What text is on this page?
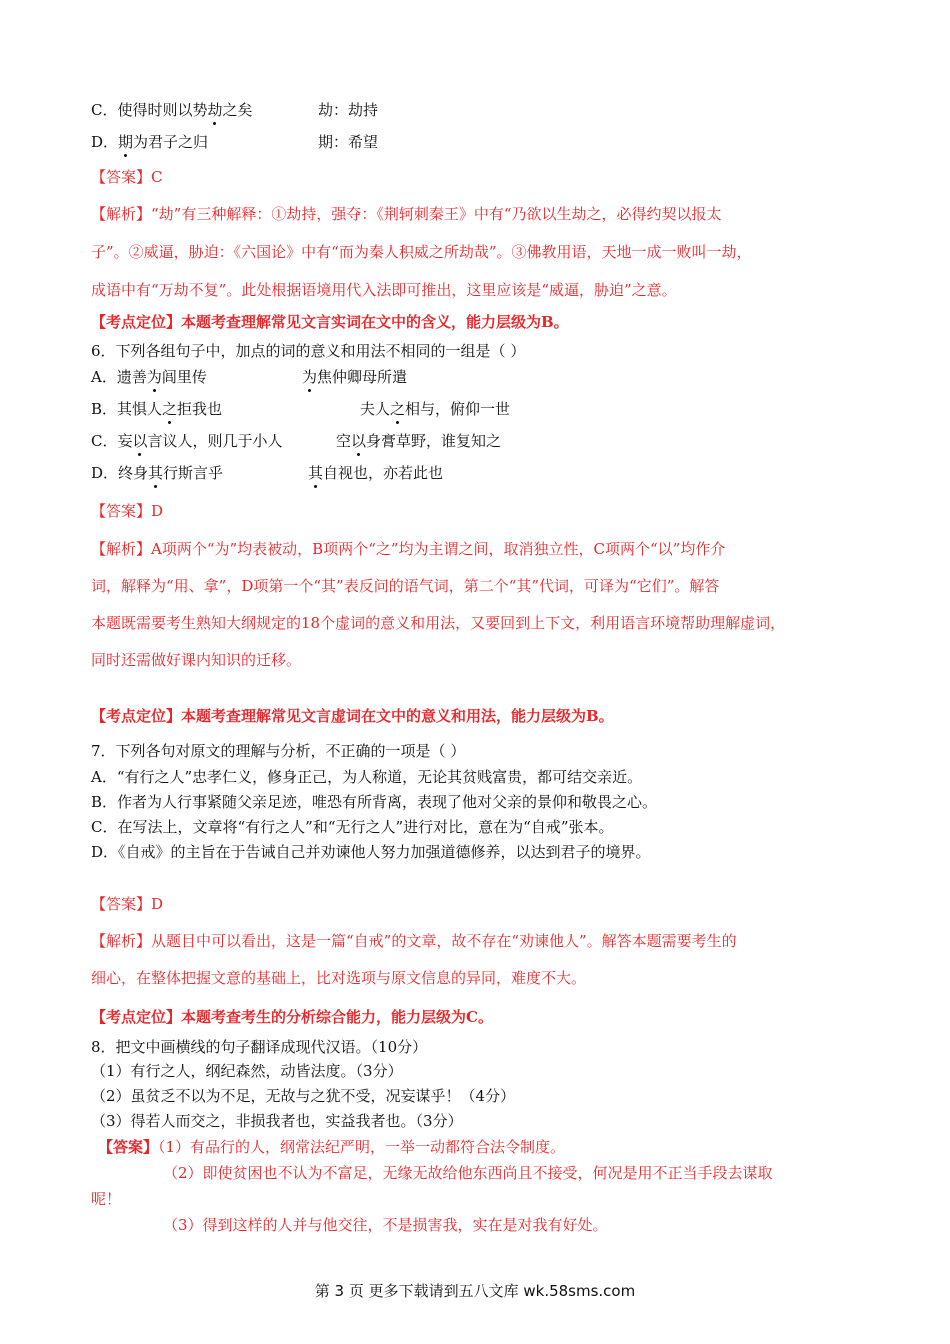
C．使得时则以势劫之矣	劫：劫持
D．期为君子之归	期：希望
【答案】C
【解析】“劫”有三种解释：①劫持，强夺：《荆轲刺秦王》中有“乃欲以生劫之，必得约契以报太
子”。②威逼，胁迫：《六国论》中有“而为秦人积威之所劫哉”。③佛教用语，天地一成一败叫一劫，
成语中有“万劫不复”。此处根据语境用代入法即可推出，这里应该是“威逼，胁迫”之意。
【考点定位】本题考查理解常见文言实词在文中的含义，能力层级为B。
6．下列各组句子中，加点的词的意义和用法不相同的一组是（ ）
A．遗善为闾里传	为焦仲卿母所遣
B．其惧人之拒我也	夫人之相与，俯仰一世
C．妄以言议人，则几于小人	空以身膏草野，谁复知之
D．终身其行斯言乎	其自视也，亦若此也
【答案】D
【解析】A项两个“为”均表被动，B项两个“之”均为主谓之间，取消独立性，C项两个“以”均作介
词，解释为“用、拿”，D项第一个“其”表反问的语气词，第二个“其”代词，可译为“它们”。解答
本题既需要考生熟知大纲规定的18个虚词的意义和用法，又要回到上下文，利用语言环境帮助理解虚词，
同时还需做好课内知识的迁移。
【考点定位】本题考查理解常见文言虚词在文中的意义和用法，能力层级为B。
7．下列各句对原文的理解与分析，不正确的一项是（ ）
A．“有行之人”忠孝仁义，修身正己，为人称道，无论其贫贱富贵，都可结交亲近。
B．作者为人行事紧随父亲足迹，唯恐有所背离，表现了他对父亲的景仰和敬畏之心。
C．在写法上，文章将“有行之人”和“无行之人”进行对比，意在为“自戒”张本。
D．《自戒》的主旨在于告诫自己并劝谏他人努力加强道德修养，以达到君子的境界。
【答案】D
【解析】从题目中可以看出，这是一篇“自戒”的文章，故不存在“劝谏他人”。解答本题需要考生的
细心，在整体把握文意的基础上，比对选项与原文信息的异同，难度不大。
【考点定位】本题考查考生的分析综合能力，能力层级为C。
8．把文中画横线的句子翻译成现代汉语。（10分）
（1）有行之人，纲纪森然，动皆法度。（3分）
（2）虽贫乏不以为不足，无故与之犹不受，况妄谋乎！（4分）
（3）得若人而交之，非损我者也，实益我者也。（3分）
【答案】（1）有品行的人，纲常法纪严明，一举一动都符合法令制度。
（2）即使贫困也不认为不富足，无缘无故给他东西尚且不接受，何况是用不正当手段去谋取
呢！
（3）得到这样的人并与他交往，不是损害我，实在是对我有好处。
第 3 页 更多下载请到五八文库 wk.58sms.com
